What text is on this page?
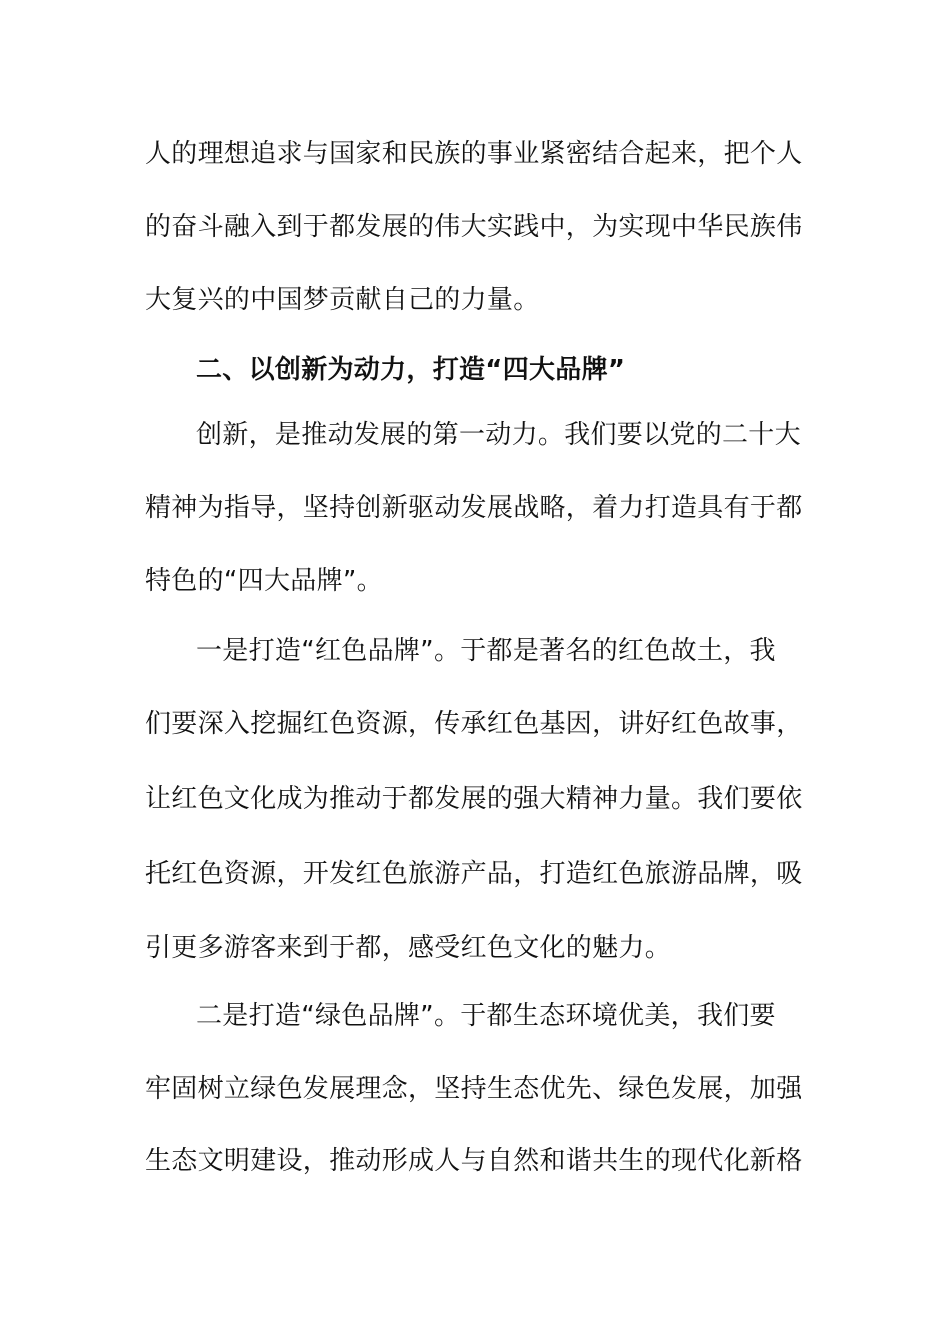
人的理想追求与国家和民族的事业紧密结合起来，把个人
的奋斗融入到于都发展的伟大实践中，为实现中华民族伟
大复兴的中国梦贡献自己的力量。
二、以创新为动力，打造“四大品牌”
创新，是推动发展的第一动力。我们要以党的二十大
精神为指导，坚持创新驱动发展战略，着力打造具有于都
特色的“四大品牌”。
一是打造“红色品牌”。于都是著名的红色故土，我
们要深入挖掘红色资源，传承红色基因，讲好红色故事，
让红色文化成为推动于都发展的强大精神力量。我们要依
托红色资源，开发红色旅游产品，打造红色旅游品牌，吸
引更多游客来到于都，感受红色文化的魅力。
二是打造“绿色品牌”。于都生态环境优美，我们要
牢固树立绿色发展理念，坚持生态优先、绿色发展，加强
生态文明建设，推动形成人与自然和谐共生的现代化新格
